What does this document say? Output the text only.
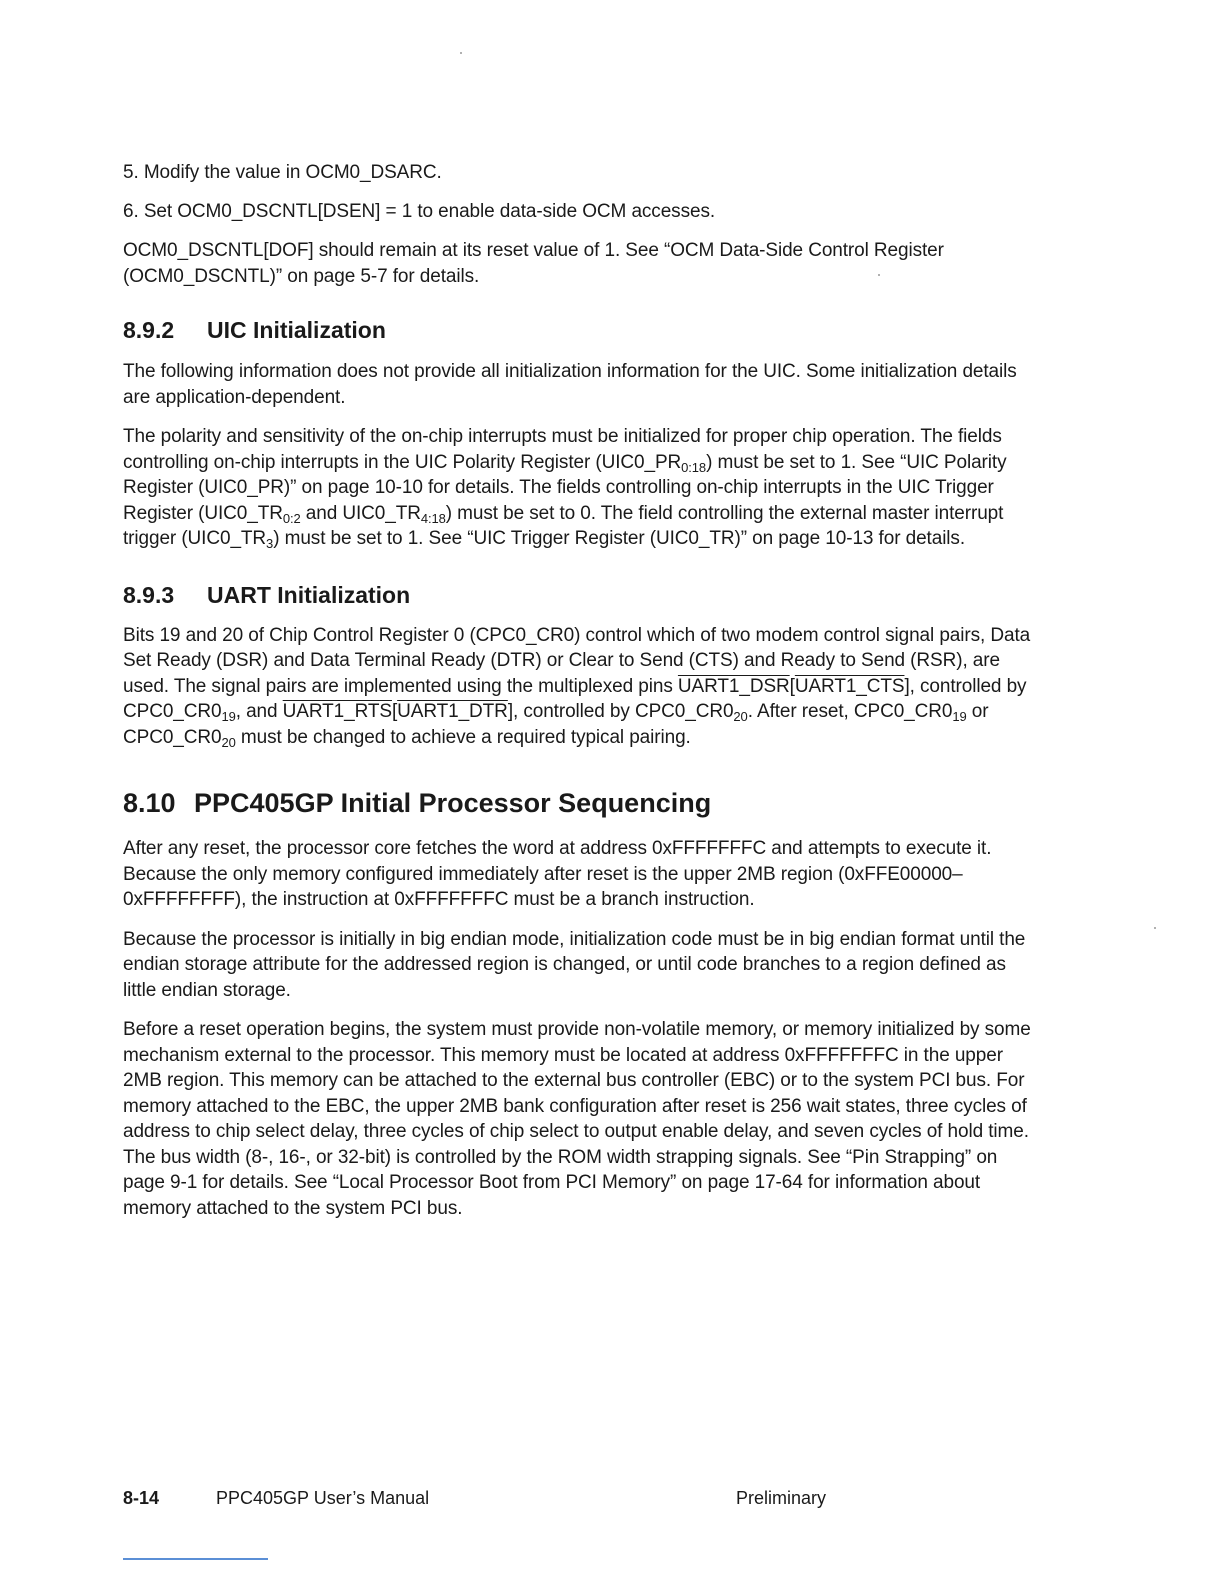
5. Modify the value in OCM0_DSARC.

6. Set OCM0_DSCNTL[DSEN] = 1 to enable data-side OCM accesses.

OCM0_DSCNTL[DOF] should remain at its reset value of 1. See “OCM Data-Side Control Register (OCM0_DSCNTL)” on page 5-7 for details.

8.9.2 UIC Initialization

The following information does not provide all initialization information for the UIC. Some initialization details are application-dependent.

The polarity and sensitivity of the on-chip interrupts must be initialized for proper chip operation. The fields controlling on-chip interrupts in the UIC Polarity Register $(UIC0\_PR_{0:18})$ must be set to 1. See “UIC Polarity Register (UIC0_PR)” on page 10-10 for details. The fields controlling on-chip interrupts in the UIC Trigger Register ($UIC0\_TR_{0:2}$ and $UIC0\_TR_{4:18}$) must be set to 0. The field controlling the external master interrupt trigger $(UIC0\_TR_3)$ must be set to 1. See “UIC Trigger Register (UIC0_TR)” on page 10-13 for details.

8.9.3 UART Initialization

Bits 19 and 20 of Chip Control Register 0 (CPC0_CR0) control which of two modem control signal pairs, Data Set Ready (DSR) and Data Terminal Ready (DTR) or Clear to Send (CTS) and Ready to Send (RSR), are used. The signal pairs are implemented using the multiplexed pins UART1_DSR[UART1_CTS], controlled by $CPC0\_CR0_{19}$, and UART1_RTS[UART1_DTR], controlled by $CPC0\_CR0_{20}$. After reset, $CPC0\_CR0_{19}$ or $CPC0\_CR0_{20}$ must be changed to achieve a required typical pairing.

8.10 PPC405GP Initial Processor Sequencing

After any reset, the processor core fetches the word at address 0xFFFFFFFC and attempts to execute it. Because the only memory configured immediately after reset is the upper 2MB region (0xFFE00000–0xFFFFFFFF), the instruction at 0xFFFFFFFC must be a branch instruction.

Because the processor is initially in big endian mode, initialization code must be in big endian format until the endian storage attribute for the addressed region is changed, or until code branches to a region defined as little endian storage.

Before a reset operation begins, the system must provide non-volatile memory, or memory initialized by some mechanism external to the processor. This memory must be located at address 0xFFFFFFFC in the upper 2MB region. This memory can be attached to the external bus controller (EBC) or to the system PCI bus. For memory attached to the EBC, the upper 2MB bank configuration after reset is 256 wait states, three cycles of address to chip select delay, three cycles of chip select to output enable delay, and seven cycles of hold time. The bus width (8-, 16-, or 32-bit) is controlled by the ROM width strapping signals. See “Pin Strapping” on page 9-1 for details. See “Local Processor Boot from PCI Memory” on page 17-64 for information about memory attached to the system PCI bus.

8-14	PPC405GP User’s Manual	Preliminary
